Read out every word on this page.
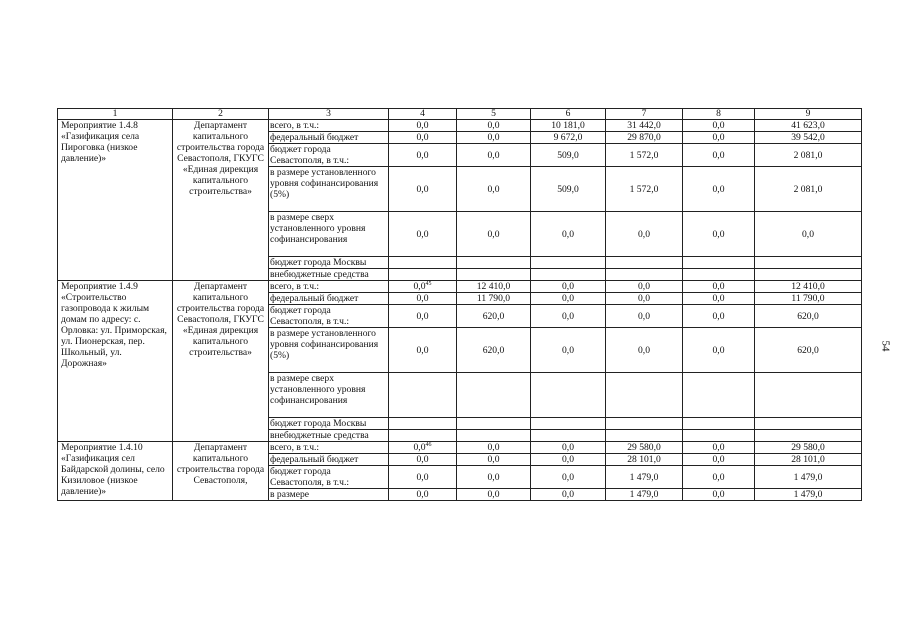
1	2	3	4	5	6	7	8	9
Мероприятие 1.4.8 «Газификация села Пироговка (низкое давление)»	Департамент капитального строительства города Севастополя, ГКУГС «Единая дирекция капитального строительства»	всего, в т.ч.:	0,0	0,0	10 181,0	31 442,0	0,0	41 623,0
		федеральный бюджет	0,0	0,0	9 672,0	29 870,0	0,0	39 542,0
		бюджет города Севастополя, в т.ч.:	0,0	0,0	509,0	1 572,0	0,0	2 081,0
		в размере установленного уровня софинансирования (5%)	0,0	0,0	509,0	1 572,0	0,0	2 081,0
		в размере сверх установленного уровня софинансирования	0,0	0,0	0,0	0,0	0,0	0,0
		бюджет города Москвы						
		внебюджетные средства						
Мероприятие 1.4.9 «Строительство газопровода к жилым домам по адресу: с. Орловка: ул. Приморская, ул. Пионерская, пер. Школьный, ул. Дорожная»	Департамент капитального строительства города Севастополя, ГКУГС «Единая дирекция капитального строительства»	всего, в т.ч.:	$0,0^{45}$	12 410,0	0,0	0,0	0,0	12 410,0
		федеральный бюджет	0,0	11 790,0	0,0	0,0	0,0	11 790,0
		бюджет города Севастополя, в т.ч.:	0,0	620,0	0,0	0,0	0,0	620,0
		в размере установленного уровня софинансирования (5%)	0,0	620,0	0,0	0,0	0,0	620,0
		в размере сверх установленного уровня софинансирования						
		бюджет города Москвы						
		внебюджетные средства						
Мероприятие 1.4.10 «Газификация сел Байдарской долины, село Кизиловое (низкое давление)»	Департамент капитального строительства города Севастополя,	всего, в т.ч.:	$0,0^{46}$	0,0	0,0	29 580,0	0,0	29 580,0
		федеральный бюджет	0,0	0,0	0,0	28 101,0	0,0	28 101,0
		бюджет города Севастополя, в т.ч.:	0,0	0,0	0,0	1 479,0	0,0	1 479,0
		в размере	0,0	0,0	0,0	1 479,0	0,0	1 479,0
54
